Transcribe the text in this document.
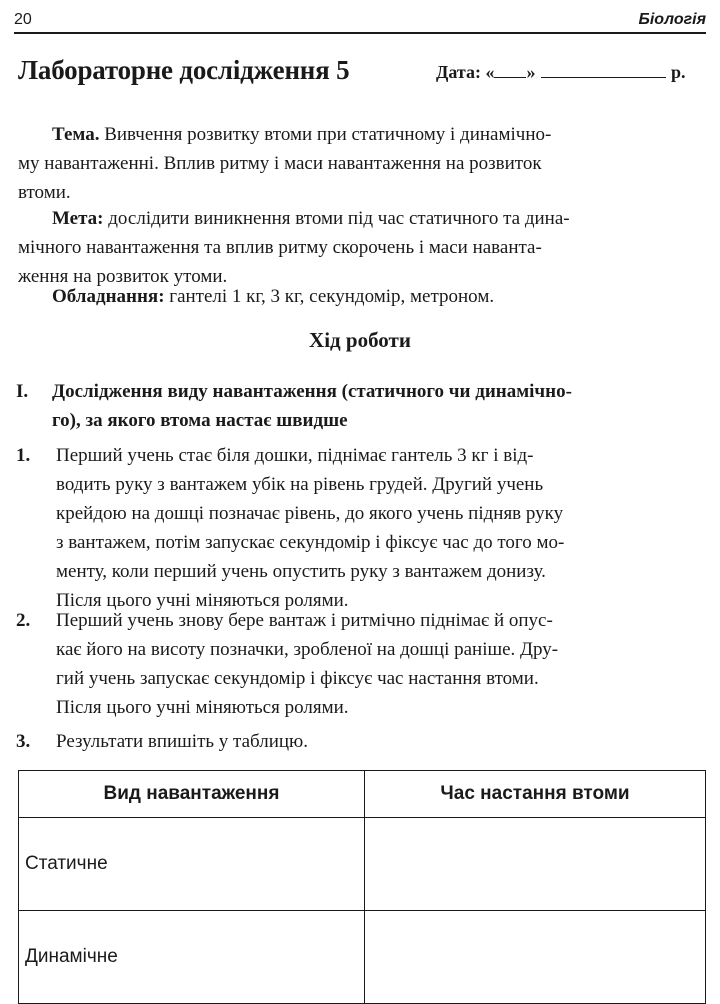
20	Біологія
Лабораторне дослідження 5	Дата: « »	р.
Тема. Вивчення розвитку втоми при статичному і динамічно-
му навантаженні. Вплив ритму і маси навантаження на розвиток
втоми.
Мета: дослідити виникнення втоми під час статичного та дина-
мічного навантаження та вплив ритму скорочень і маси наванта-
ження на розвиток утоми.
Обладнання: гантелі 1 кг, 3 кг, секундомір, метроном.
Хід роботи
I. Дослідження виду навантаження (статичного чи динамічно-
го), за якого втома настає швидше
1. Перший учень стає біля дошки, піднімає гантель 3 кг і від-
водить руку з вантажем убік на рівень грудей. Другий учень
крейдою на дошці позначає рівень, до якого учень підняв руку
з вантажем, потім запускає секундомір і фіксує час до того мо-
менту, коли перший учень опустить руку з вантажем донизу.
Після цього учні міняються ролями.
2. Перший учень знову бере вантаж і ритмічно піднімає й опус-
кає його на висоту позначки, зробленої на дошці раніше. Дру-
гий учень запускає секундомір і фіксує час настання втоми.
Після цього учні міняються ролями.
3. Результати впишіть у таблицю.
Вид навантаження	Час настання втоми
Статичне	
Динамічне	
